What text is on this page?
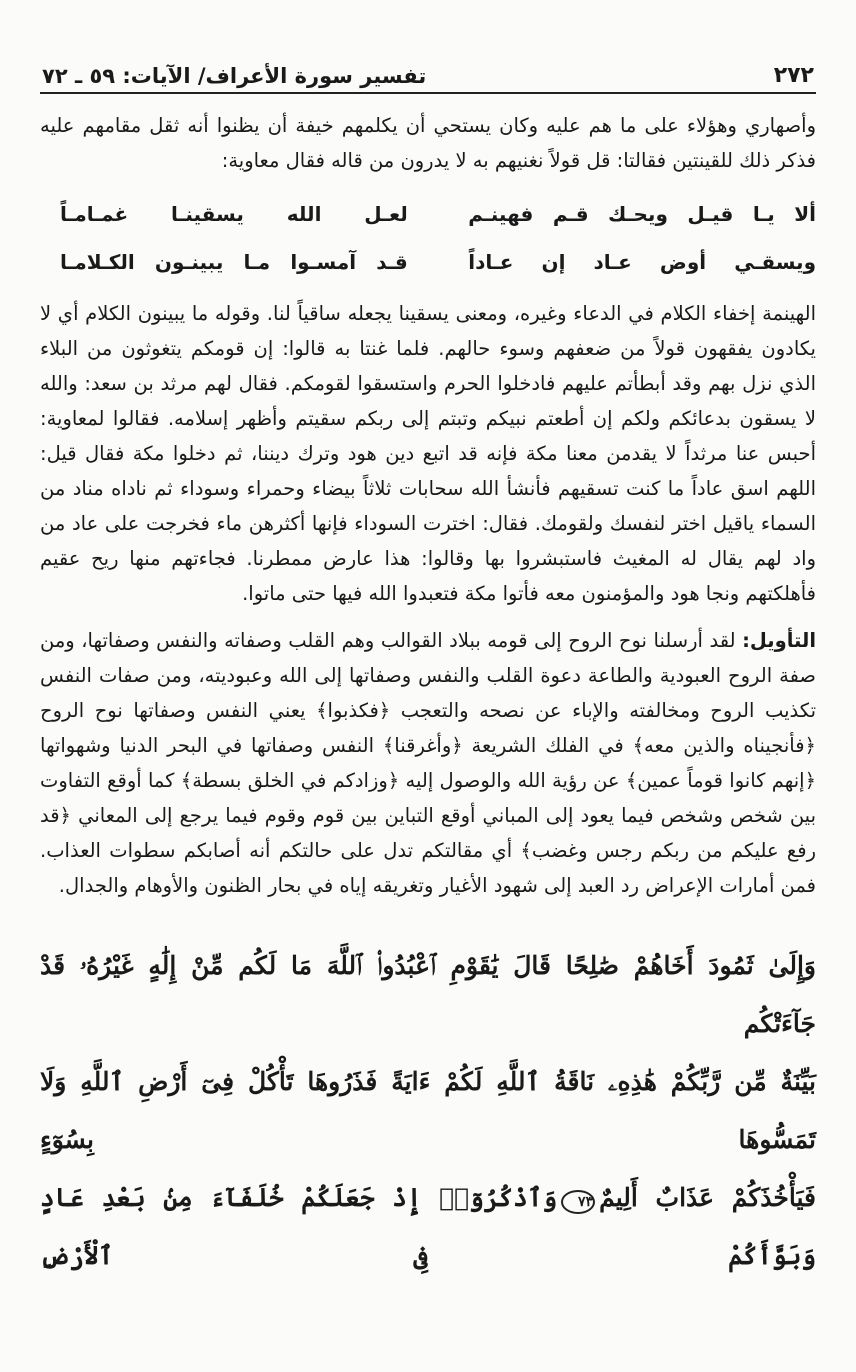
٢٧٢
تفسير سورة الأعراف/ الآيات: ٥٩ ـ ٧٢

وأصهاري وهؤلاء على ما هم عليه وكان يستحي أن يكلمهم خيفة أن يظنوا أنه ثقل مقامهم عليه فذكر ذلك للقينتين فقالتا: قل قولاً نغنيهم به لا يدرون من قاله فقال معاوية:

ألا يـا قيـل ويحـك قـم فهينـم
لعـل الله يسقينـا غمـامـاً
ويسقـي أوض عـاد إن عـاداً
قـد آمسـوا مـا يبينـون الكـلامـا

الهينمة إخفاء الكلام في الدعاء وغيره، ومعنى يسقينا يجعله ساقياً لنا. وقوله ما يبينون الكلام أي لا يكادون يفقهون قولاً من ضعفهم وسوء حالهم. فلما غنتا به قالوا: إن قومكم يتغوثون من البلاء الذي نزل بهم وقد أبطأتم عليهم فادخلوا الحرم واستسقوا لقومكم. فقال لهم مرثد بن سعد: والله لا يسقون بدعائكم ولكم إن أطعتم نبيكم وتبتم إلى ربكم سقيتم وأظهر إسلامه. فقالوا لمعاوية: أحبس عنا مرثداً لا يقدمن معنا مكة فإنه قد اتبع دين هود وترك ديننا، ثم دخلوا مكة فقال قيل: اللهم اسق عاداً ما كنت تسقيهم فأنشأ الله سحابات ثلاثاً بيضاء وحمراء وسوداء ثم ناداه مناد من السماء ياقيل اختر لنفسك ولقومك. فقال: اخترت السوداء فإنها أكثرهن ماء فخرجت على عاد من واد لهم يقال له المغيث فاستبشروا بها وقالوا: هذا عارض ممطرنا. فجاءتهم منها ريح عقيم فأهلكتهم ونجا هود والمؤمنون معه فأتوا مكة فتعبدوا الله فيها حتى ماتوا.

التأويل: لقد أرسلنا نوح الروح إلى قومه ببلاد القوالب وهم القلب وصفاته والنفس وصفاتها، ومن صفة الروح العبودية والطاعة دعوة القلب والنفس وصفاتها إلى الله وعبوديته، ومن صفات النفس تكذيب الروح ومخالفته والإباء عن نصحه والتعجب ﴿فكذبوا﴾ يعني النفس وصفاتها نوح الروح ﴿فأنجيناه والذين معه﴾ في الفلك الشريعة ﴿وأغرقنا﴾ النفس وصفاتها في البحر الدنيا وشهواتها ﴿إنهم كانوا قوماً عمين﴾ عن رؤية الله والوصول إليه ﴿وزادكم في الخلق بسطة﴾ كما أوقع التفاوت بين شخص وشخص فيما يعود إلى المباني أوقع التباين بين قوم وقوم فيما يرجع إلى المعاني ﴿قد رفع عليكم من ربكم رجس وغضب﴾ أي مقالتكم تدل على حالتكم أنه أصابكم سطوات العذاب. فمن أمارات الإعراض رد العبد إلى شهود الأغيار وتغريقه إياه في بحار الظنون والأوهام والجدال.

وَإِلَىٰ ثَمُودَ أَخَاهُمْ صَٰلِحًا قَالَ يَٰقَوْمِ ٱعْبُدُوا۟ ٱللَّهَ مَا لَكُم مِّنْ إِلَٰهٍ غَيْرُهُۥ قَدْ جَآءَتْكُم

بَيِّنَةٌ مِّن رَّبِّكُمْ هَٰذِهِۦ نَاقَةُ ٱللَّهِ لَكُمْ ءَايَةً فَذَرُوهَا تَأْكُلْ فِىٓ أَرْضِ ٱللَّهِ وَلَا تَمَسُّوهَا بِسُوٓءٍ

فَيَأْخُذَكُمْ عَذَابٌ أَلِيمٌ٧٣وَٱذْكُرُوٓا۟ إِذْ جَعَلَكُمْ خُلَفَآءَ مِنۢ بَعْدِ عَادٍ وَبَوَّأَكُمْ فِى ٱلْأَرْضِ
